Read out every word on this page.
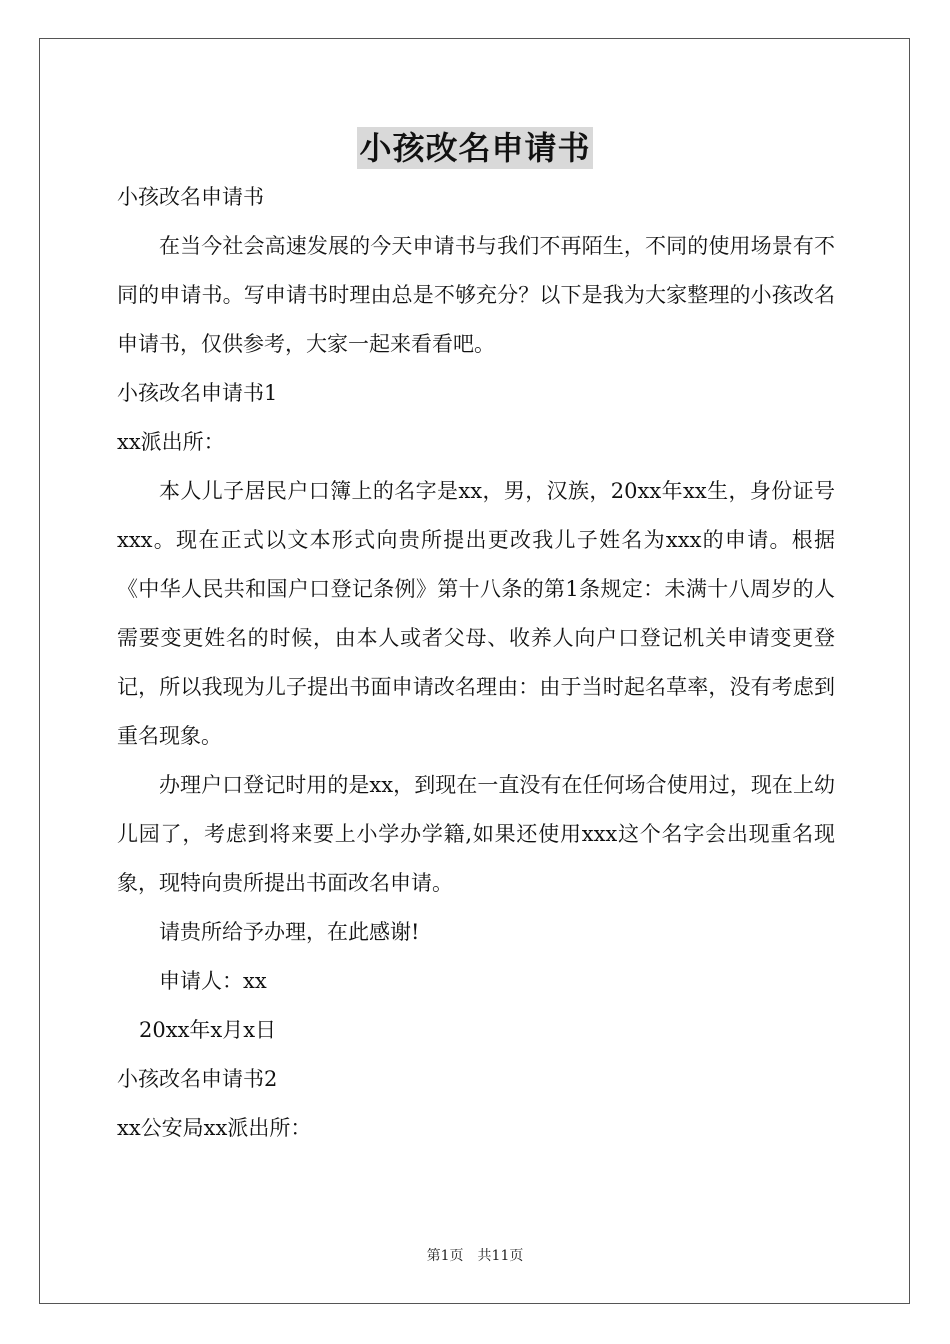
小孩改名申请书

小孩改名申请书

在当今社会高速发展的今天申请书与我们不再陌生，不同的使用场景有不同的申请书。写申请书时理由总是不够充分？以下是我为大家整理的小孩改名申请书，仅供参考，大家一起来看看吧。

小孩改名申请书1

xx派出所：

本人儿子居民户口簿上的名字是xx，男，汉族，20xx年xx生，身份证号xxx。现在正式以文本形式向贵所提出更改我儿子姓名为xxx的申请。根据《中华人民共和国户口登记条例》第十八条的第1条规定：未满十八周岁的人需要变更姓名的时候，由本人或者父母、收养人向户口登记机关申请变更登记，所以我现为儿子提出书面申请改名理由：由于当时起名草率，没有考虑到重名现象。

办理户口登记时用的是xx，到现在一直没有在任何场合使用过，现在上幼儿园了，考虑到将来要上小学办学籍,如果还使用xxx这个名字会出现重名现象，现特向贵所提出书面改名申请。

请贵所给予办理，在此感谢!

申请人：xx

20xx年x月x日

小孩改名申请书2

xx公安局xx派出所：

第1页 共11页
